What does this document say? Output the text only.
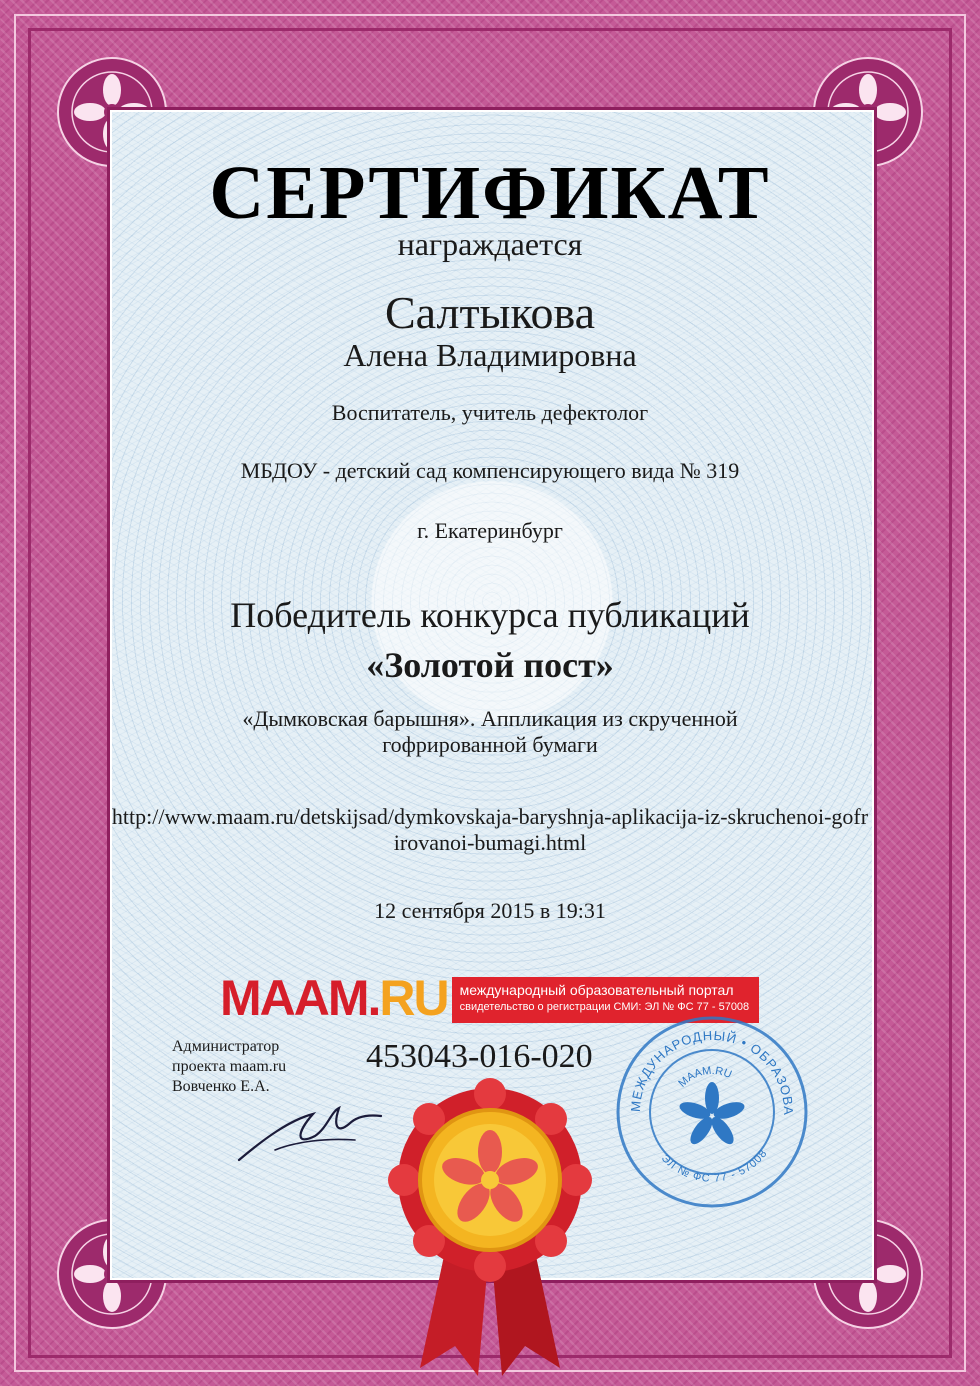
СЕРТИФИКАТ
награждается
Салтыкова
Алена Владимировна
Воспитатель, учитель дефектолог
МБДОУ - детский сад компенсирующего вида № 319
г. Екатеринбург
Победитель конкурса публикаций
«Золотой пост»
«Дымковская барышня». Аппликация из скрученной гофрированной бумаги
http://www.maam.ru/detskijsad/dymkovskaja-baryshnja-aplikacija-iz-skruchenoi-gofrirovanoi-bumagi.html
12 сентября 2015 в 19:31
MAAM. RU международный образовательный портал
свидетельство о регистрации СМИ: ЭЛ № ФС 77 - 57008
Администратор
проекта maam.ru
Вовченко Е.А.
453043-016-020
МЕЖДУНАРОДНЫЙ • ОБРАЗОВА
ЭЛ № ФС 77 - 57008
MAAM.RU
